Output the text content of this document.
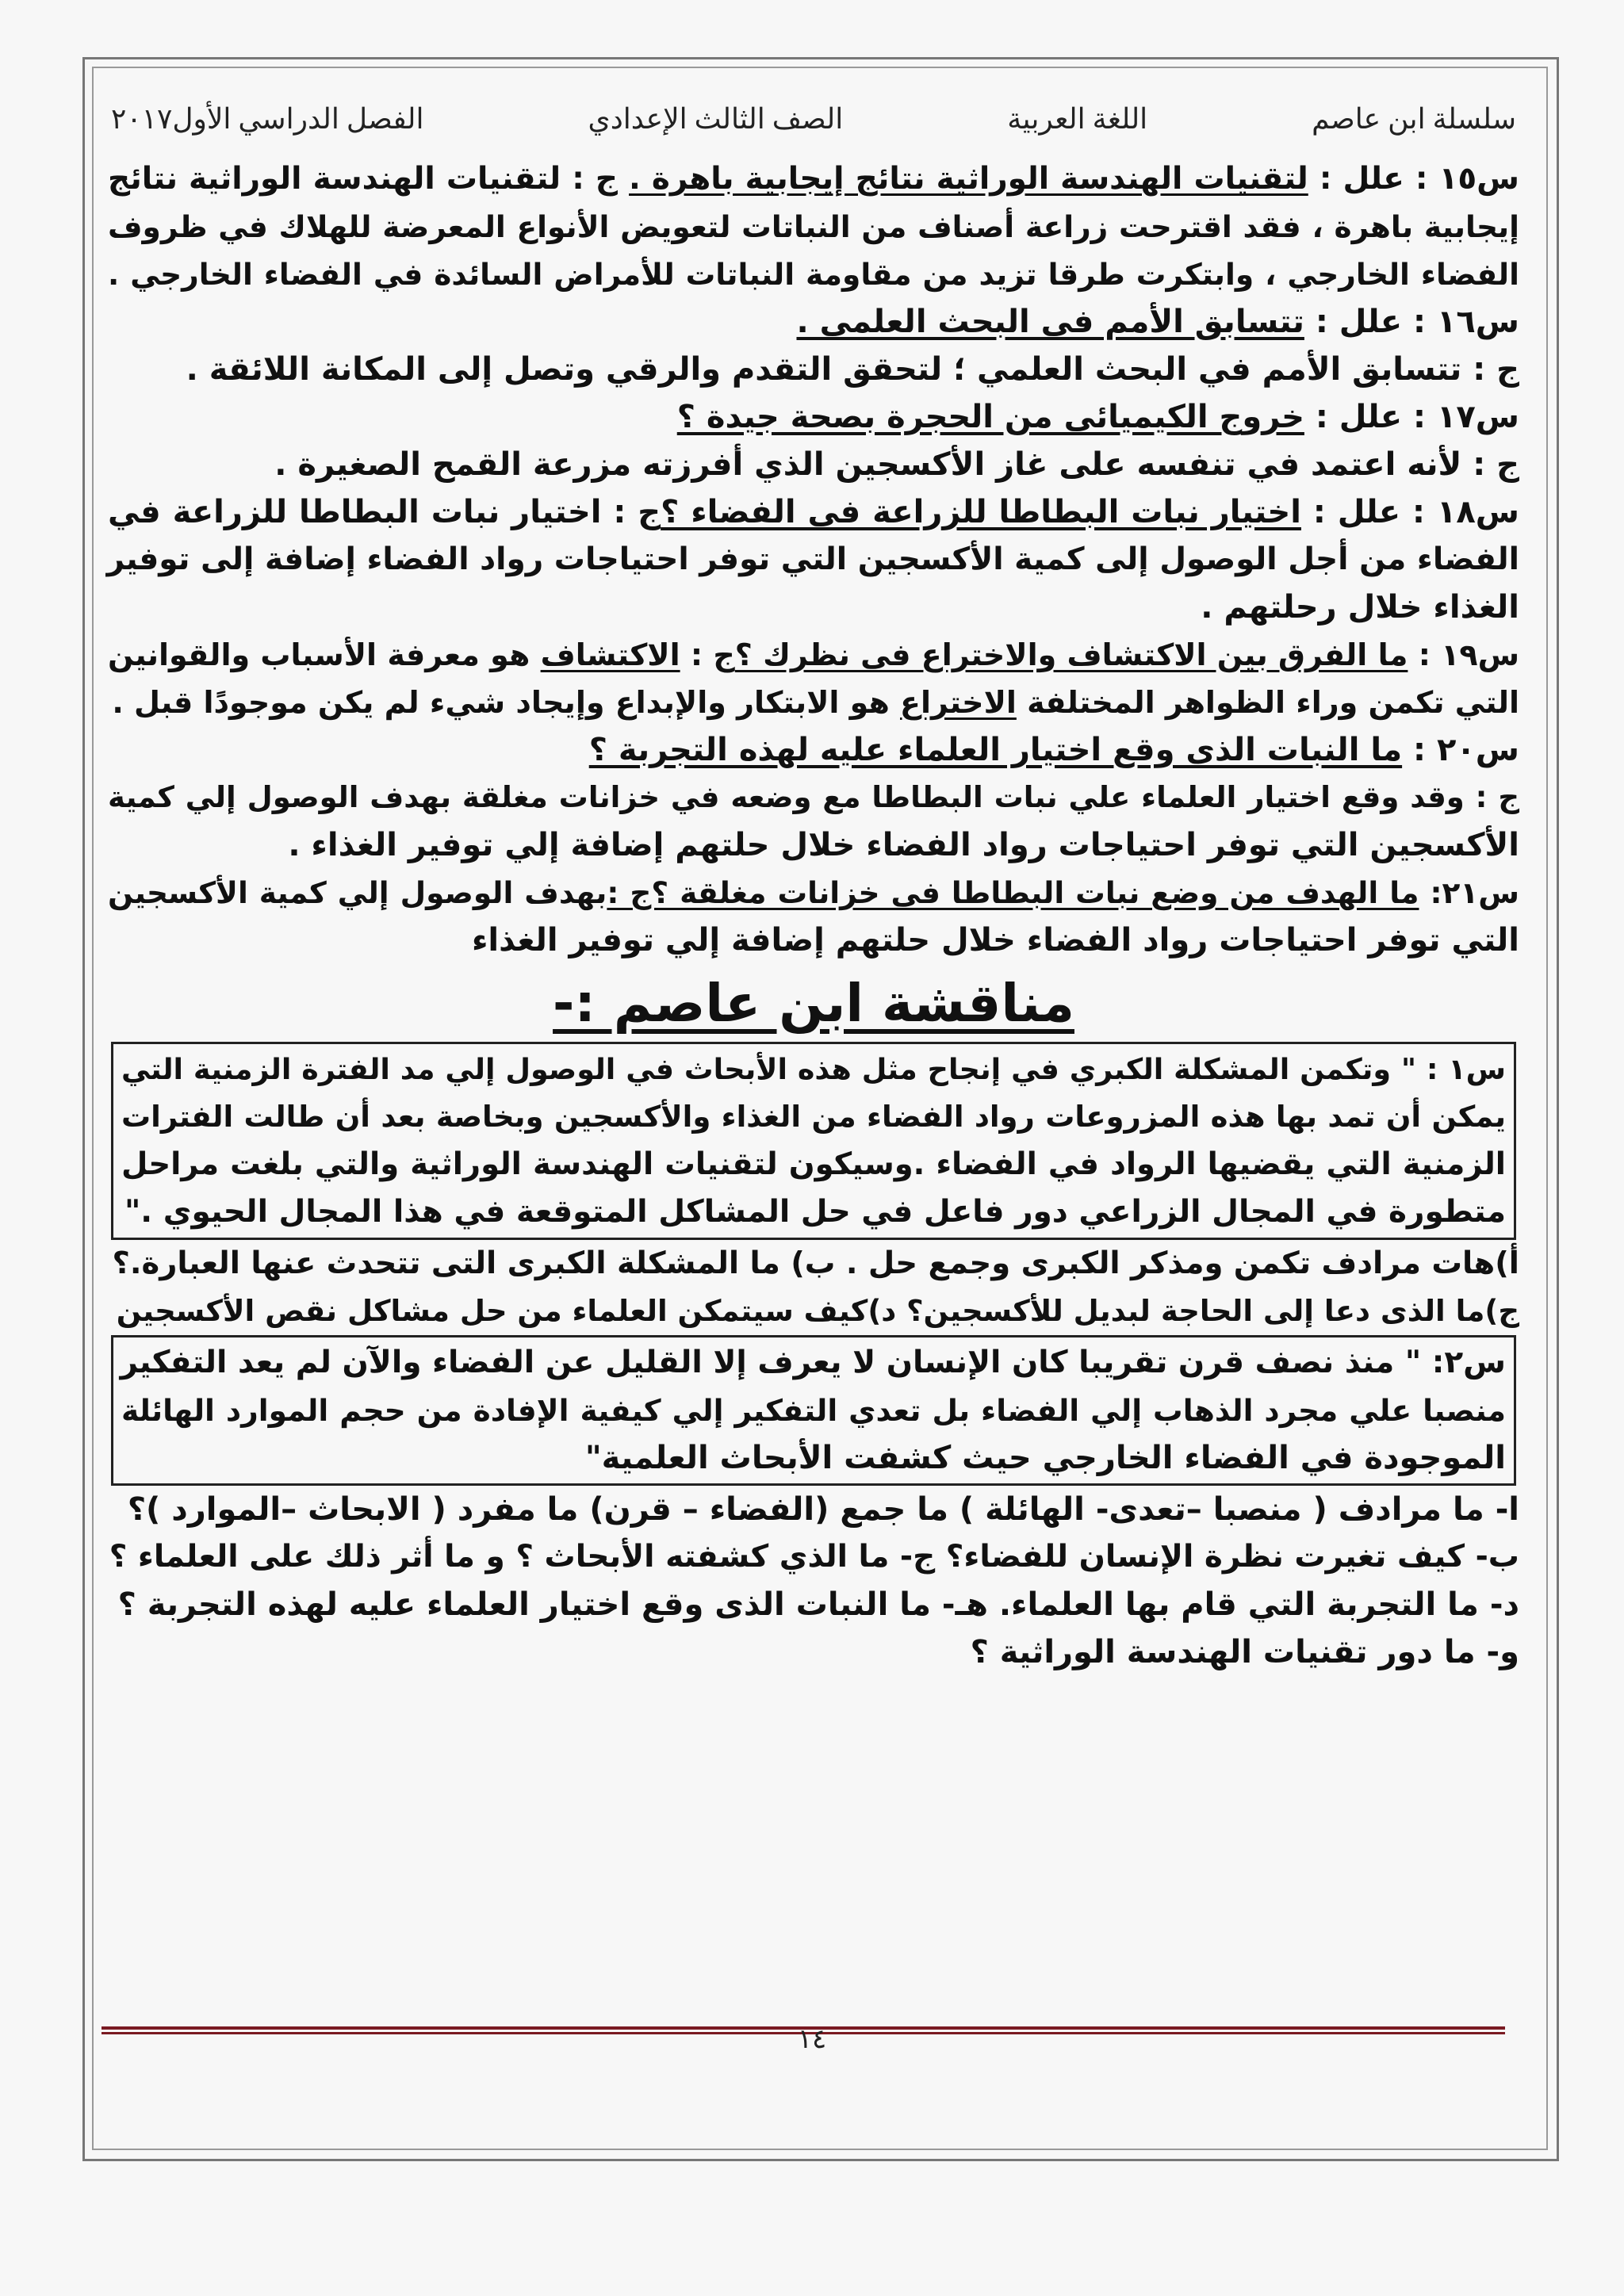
سلسلة ابن عاصم
اللغة العربية
الصف الثالث الإعدادي
الفصل الدراسي الأول٢٠١٧
س١٥ : علل : لتقنيات الهندسة الوراثية نتائج إيجابية باهرة . ج : لتقنيات الهندسة الوراثية نتائج
إيجابية باهرة ، فقد اقترحت زراعة أصناف من النباتات لتعويض الأنواع المعرضة للهلاك في ظروف
الفضاء الخارجي ، وابتكرت طرقا تزيد من مقاومة النباتات للأمراض السائدة في الفضاء الخارجي .
س١٦ : علل : تتسابق الأمم فى البحث العلمى .
ج : تتسابق الأمم في البحث العلمي ؛ لتحقق التقدم والرقي وتصل إلى المكانة اللائقة .
س١٧ : علل : خروج الكيميائى من الحجرة بصحة جيدة ؟
ج : لأنه اعتمد في تنفسه على غاز الأكسجين الذي أفرزته مزرعة القمح الصغيرة .
س١٨ : علل : اختيار نبات البطاطا للزراعة فى الفضاء ؟ج : اختيار نبات البطاطا للزراعة في
الفضاء من أجل الوصول إلى كمية الأكسجين التي توفر احتياجات رواد الفضاء إضافة إلى توفير
الغذاء خلال رحلتهم .
س١٩ : ما الفرق بين الاكتشاف والاختراع فى نظرك ؟ج : الاكتشاف هو معرفة الأسباب والقوانين
التي تكمن وراء الظواهر المختلفة الاختراع هو الابتكار والإبداع وإيجاد شيء لم يكن موجودًا قبل .
س٢٠ : ما النبات الذى وقع اختيار العلماء عليه لهذه التجربة ؟
ج : وقد وقع اختيار العلماء علي نبات البطاطا مع وضعه في خزانات مغلقة بهدف الوصول إلي كمية
الأكسجين التي توفر احتياجات رواد الفضاء خلال حلتهم إضافة إلي توفير الغذاء .
س٢١: ما الهدف من وضع نبات البطاطا فى خزانات مغلقة ؟ج :بهدف الوصول إلي كمية الأكسجين
التي توفر احتياجات رواد الفضاء خلال حلتهم إضافة إلي توفير الغذاء
مناقشة ابن عاصم :-
س١ : " وتكمن المشكلة الكبري في إنجاح مثل هذه الأبحاث في الوصول إلي مد الفترة الزمنية التي
يمكن أن تمد بها هذه المزروعات رواد الفضاء من الغذاء والأكسجين وبخاصة بعد أن طالت الفترات
الزمنية التي يقضيها الرواد في الفضاء .وسيكون لتقنيات الهندسة الوراثية والتي بلغت مراحل
متطورة في المجال الزراعي دور فاعل في حل المشاكل المتوقعة في هذا المجال الحيوي ."
أ)هات مرادف تكمن ومذكر الكبرى وجمع حل . ب) ما المشكلة الكبرى التى تتحدث عنها العبارة.؟
ج)ما الذى دعا إلى الحاجة لبديل للأكسجين؟ د)كيف سيتمكن العلماء من حل مشاكل نقص الأكسجين
س٢: " منذ نصف قرن تقريبا كان الإنسان لا يعرف إلا القليل عن الفضاء والآن لم يعد التفكير
منصبا علي مجرد الذهاب إلي الفضاء بل تعدي التفكير إلي كيفية الإفادة من حجم الموارد الهائلة
الموجودة في الفضاء الخارجي حيث كشفت الأبحاث العلمية"
ا- ما مرادف ( منصبا –تعدى- الهائلة ) ما جمع (الفضاء – قرن) ما مفرد ( الابحاث –الموارد )؟
ب- كيف تغيرت نظرة الإنسان للفضاء؟ ج- ما الذي كشفته الأبحاث ؟ و ما أثر ذلك على العلماء ؟
د- ما التجربة التي قام بها العلماء. هـ- ما النبات الذى وقع اختيار العلماء عليه لهذه التجربة ؟
و- ما دور تقنيات الهندسة الوراثية ؟
١٤
